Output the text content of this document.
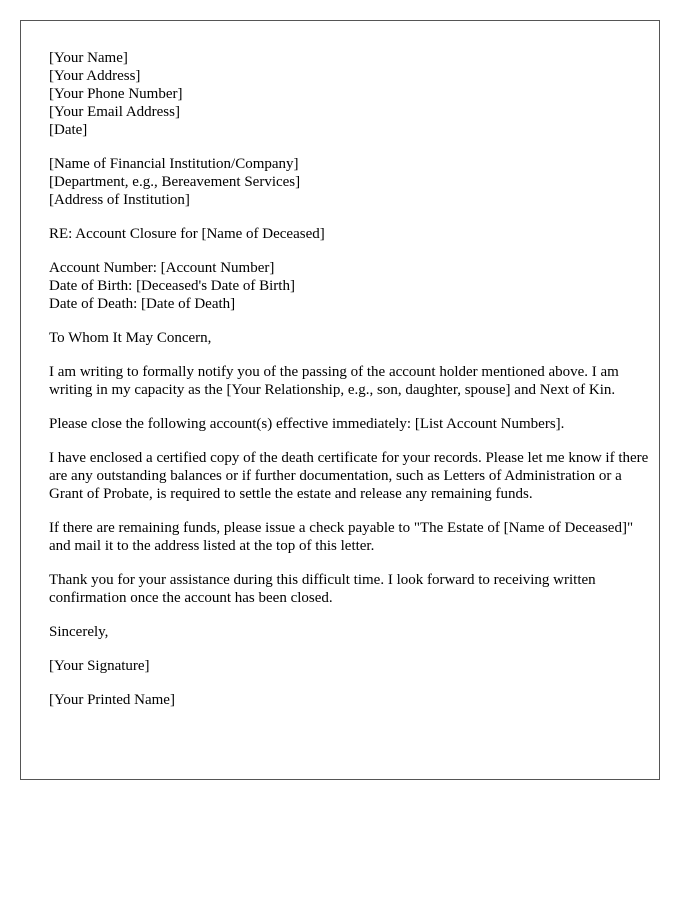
[Your Name]
[Your Address]
[Your Phone Number]
[Your Email Address]
[Date]
[Name of Financial Institution/Company]
[Department, e.g., Bereavement Services]
[Address of Institution]
RE: Account Closure for [Name of Deceased]
Account Number: [Account Number]
Date of Birth: [Deceased's Date of Birth]
Date of Death: [Date of Death]

To Whom It May Concern,

I am writing to formally notify you of the passing of the account holder mentioned above. I am writing in my capacity as the [Your Relationship, e.g., son, daughter, spouse] and Next of Kin.

Please close the following account(s) effective immediately: [List Account Numbers].

I have enclosed a certified copy of the death certificate for your records. Please let me know if there are any outstanding balances or if further documentation, such as Letters of Administration or a Grant of Probate, is required to settle the estate and release any remaining funds.

If there are remaining funds, please issue a check payable to "The Estate of [Name of Deceased]" and mail it to the address listed at the top of this letter.

Thank you for your assistance during this difficult time. I look forward to receiving written confirmation once the account has been closed.

Sincerely,

[Your Signature]

[Your Printed Name]
